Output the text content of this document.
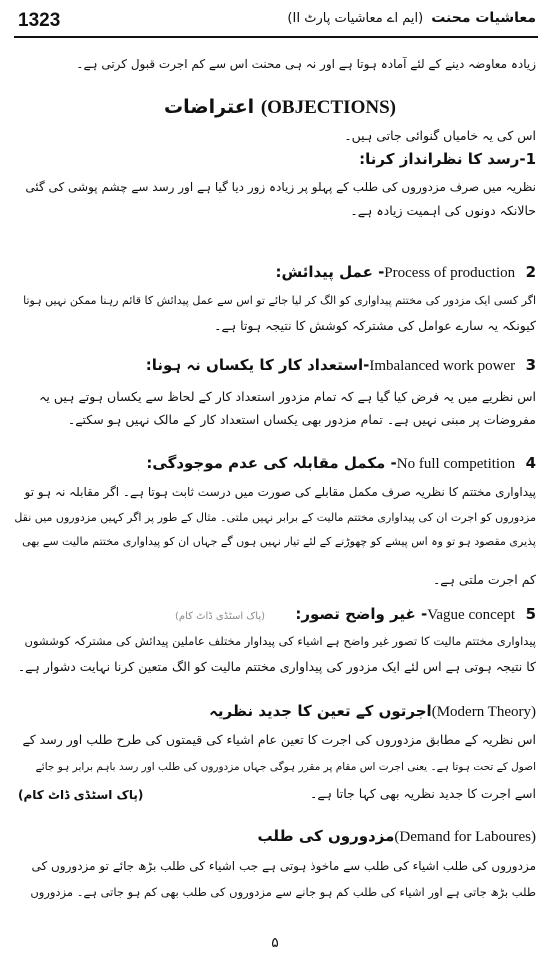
1323	معاشیات محنت(ایم اے معاشیات پارٹ II)
زیادہ معاوضہ دینے کے لئے آمادہ ہوتا ہے اور نہ ہی محنت اس سے کم اجرت قبول کرتی ہے۔
اعتراضات (OBJECTIONS)
اس کی یہ خامیاں گنوائی جاتی ہیں۔
1-رسد کا نظرانداز کرنا:
نظریہ میں صرف مزدوروں کی طلب کے پہلو پر زیادہ زور دیا گیا ہے اور رسد سے چشم پوشی کی گئی
حالانکہ دونوں کی اہمیت زیادہ ہے۔
Process of production  2- عمل پیدائش:
اگر کسی ایک مزدور کی مختتم پیداواری کو الگ کر لیا جائے تو اس سے عمل پیدائش کا قائم رہنا ممکن نہیں ہوتا
کیونکہ یہ سارے عوامل کی مشترکہ کوشش کا نتیجہ ہوتا ہے۔
Imbalanced work power  3-استعداد کار کا یکساں نہ ہونا:
اس نظریے میں یہ فرض کیا گیا ہے کہ تمام مزدور استعداد کار کے لحاظ سے یکساں ہوتے ہیں یہ
مفروضات پر مبنی نہیں ہے۔ تمام مزدور بھی یکساں استعداد کار کے مالک نہیں ہو سکتے۔
No full competition  4- مکمل مقابلہ کی عدم موجودگی:
پیداواری مختتم کا نظریہ صرف مکمل مقابلے کی صورت میں درست ثابت ہوتا ہے۔ اگر مقابلہ نہ ہو تو
مزدوروں کو اجرت ان کی پیداواری مختتم مالیت کے برابر نہیں ملتی۔ مثال کے طور پر اگر کہیں مزدوروں میں نقل
پذیری مقصود ہو تو وہ اس پیشے کو چھوڑنے کے لئے تیار نہیں ہوں گے جہاں ان کو پیداواری مختتم مالیت سے بھی
کم اجرت ملتی ہے۔
(پاک اسٹڈی ڈاٹ کام)	Vague concept  5- غیر واضح تصور:
پیداواری مختتم مالیت کا تصور غیر واضح ہے اشیاء کی پیداوار مختلف عاملین پیدائش کی مشترکہ کوششوں
کا نتیجہ ہوتی ہے اس لئے ایک مزدور کی پیداواری مختتم مالیت کو الگ متعین کرنا نہایت دشوار ہے۔
(Modern Theory)اجرتوں کے تعین کا جدید نظریہ
اس نظریہ کے مطابق مزدوروں کی اجرت کا تعین عام اشیاء کی قیمتوں کی طرح طلب اور رسد کے
اصول کے تحت ہوتا ہے۔ یعنی اجرت اس مقام پر مقرر ہوگی جہاں مزدوروں کی طلب اور رسد باہم برابر ہو جائے
اسے اجرت کا جدید نظریہ بھی کہا جاتا ہے۔
(پاک اسٹڈی ڈاٹ کام)
(Demand for Laboures)مزدوروں کی طلب
مزدوروں کی طلب اشیاء کی طلب سے ماخوذ ہوتی ہے جب اشیاء کی طلب بڑھ جائے تو مزدوروں کی
طلب بڑھ جاتی ہے اور اشیاء کی طلب کم ہو جانے سے مزدوروں کی طلب بھی کم ہو جاتی ہے۔ مزدوروں
۵
